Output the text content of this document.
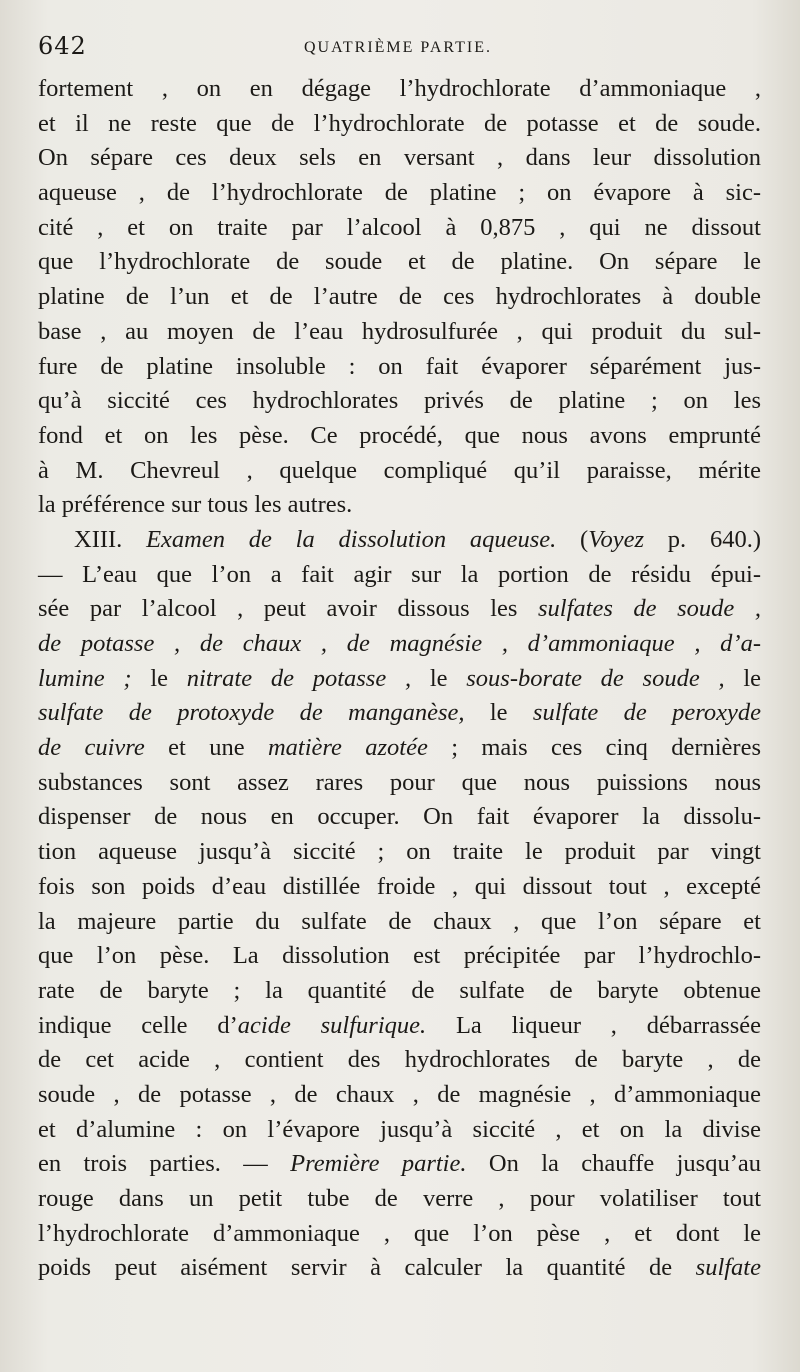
642	QUATRIÈME PARTIE.
fortement , on en dégage l’hydrochlorate d’ammoniaque ,
et il ne reste que de l’hydrochlorate de potasse et de soude.
On sépare ces deux sels en versant , dans leur dissolution
aqueuse , de l’hydrochlorate de platine ; on évapore à sic-
cité , et on traite par l’alcool à 0,875 , qui ne dissout
que l’hydrochlorate de soude et de platine. On sépare le
platine de l’un et de l’autre de ces hydrochlorates à double
base , au moyen de l’eau hydrosulfurée , qui produit du sul-
fure de platine insoluble : on fait évaporer séparément jus-
qu’à siccité ces hydrochlorates privés de platine ; on les
fond et on les pèse. Ce procédé, que nous avons emprunté
à M. Chevreul , quelque compliqué qu’il paraisse, mérite
la préférence sur tous les autres.
XIII. Examen de la dissolution aqueuse. (Voyez p. 640.)
— L’eau que l’on a fait agir sur la portion de résidu épui-
sée par l’alcool , peut avoir dissous les sulfates de soude ,
de potasse , de chaux , de magnésie , d’ammoniaque , d’a-
lumine ; le nitrate de potasse , le sous-borate de soude , le
sulfate de protoxyde de manganèse, le sulfate de peroxyde
de cuivre et une matière azotée ; mais ces cinq dernières
substances sont assez rares pour que nous puissions nous
dispenser de nous en occuper. On fait évaporer la dissolu-
tion aqueuse jusqu’à siccité ; on traite le produit par vingt
fois son poids d’eau distillée froide , qui dissout tout , excepté
la majeure partie du sulfate de chaux , que l’on sépare et
que l’on pèse. La dissolution est précipitée par l’hydrochlo-
rate de baryte ; la quantité de sulfate de baryte obtenue
indique celle d’acide sulfurique. La liqueur , débarrassée
de cet acide , contient des hydrochlorates de baryte , de
soude , de potasse , de chaux , de magnésie , d’ammoniaque
et d’alumine : on l’évapore jusqu’à siccité , et on la divise
en trois parties. — Première partie. On la chauffe jusqu’au
rouge dans un petit tube de verre , pour volatiliser tout
l’hydrochlorate d’ammoniaque , que l’on pèse , et dont le
poids peut aisément servir à calculer la quantité de sulfate
